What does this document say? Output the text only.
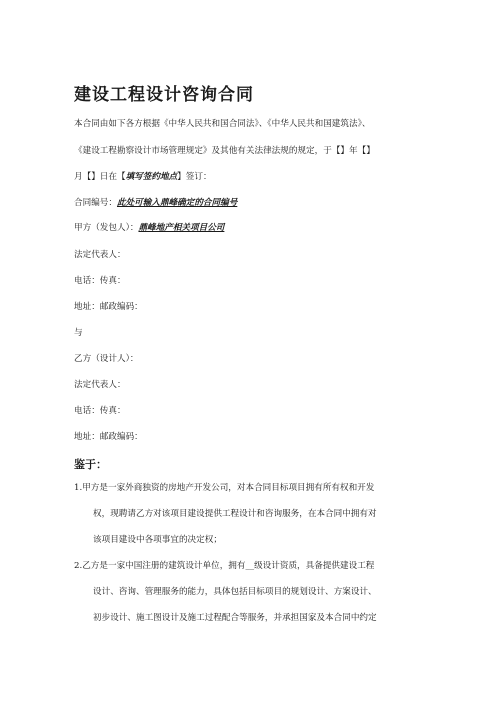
建设工程设计咨询合同
本合同由如下各方根据《中华人民共和国合同法》、《中华人民共和国建筑法》、
《建设工程勘察设计市场管理规定》及其他有关法律法规的规定，于【】年【】
月【】日在【填写签约地点】签订：
合同编号：此处可输入鼎峰确定的合同编号
甲方（发包人）：鼎峰地产相关项目公司
法定代表人：
电话：传真：
地址：邮政编码：
与
乙方（设计人）：
法定代表人：
电话：传真：
地址：邮政编码：
鉴于：
1.甲方是一家外商独资的房地产开发公司，对本合同目标项目拥有所有权和开发
权，现聘请乙方对该项目建设提供工程设计和咨询服务，在本合同中拥有对
该项目建设中各项事宜的决定权；
2.乙方是一家中国注册的建筑设计单位，拥有__级设计资质，具备提供建设工程
设计、咨询、管理服务的能力，具体包括目标项目的规划设计、方案设计、
初步设计、施工图设计及施工过程配合等服务，并承担国家及本合同中约定
